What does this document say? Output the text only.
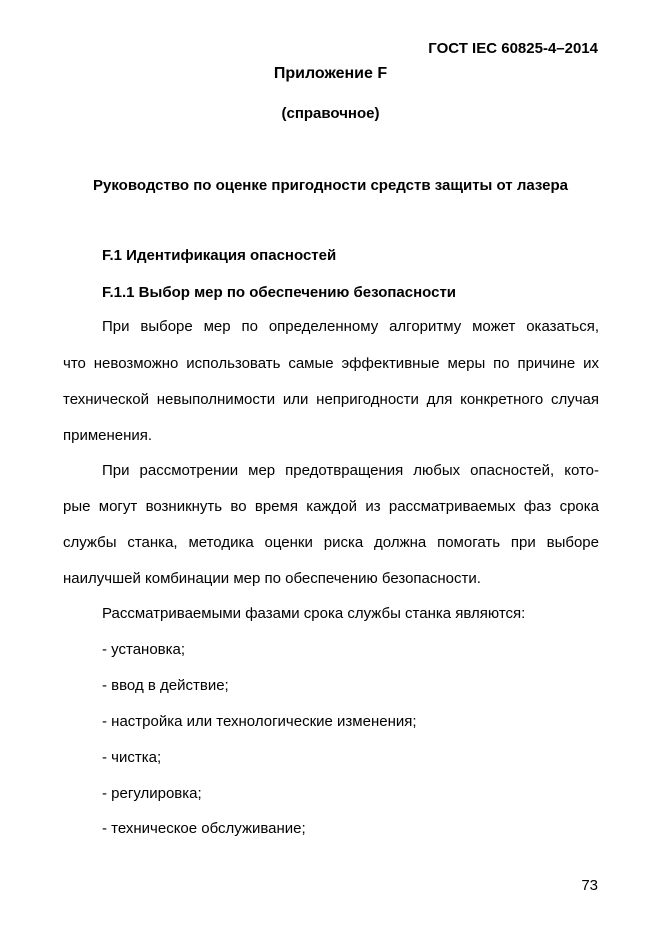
ГОСТ IEC 60825-4–2014
Приложение F
(справочное)
Руководство по оценке пригодности средств защиты от лазера
F.1 Идентификация опасностей
F.1.1 Выбор мер по обеспечению безопасности
При выборе мер по определенному алгоритму может оказаться,
что невозможно использовать самые эффективные меры по причине их
технической невыполнимости или непригодности для конкретного случая
применения.
При рассмотрении мер предотвращения любых опасностей, кото-
рые могут возникнуть во время каждой из рассматриваемых фаз срока
службы станка, методика оценки риска должна помогать при выборе
наилучшей комбинации мер по обеспечению безопасности.
Рассматриваемыми фазами срока службы станка являются:
- установка;
- ввод в действие;
- настройка или технологические изменения;
- чистка;
- регулировка;
- техническое обслуживание;
73
